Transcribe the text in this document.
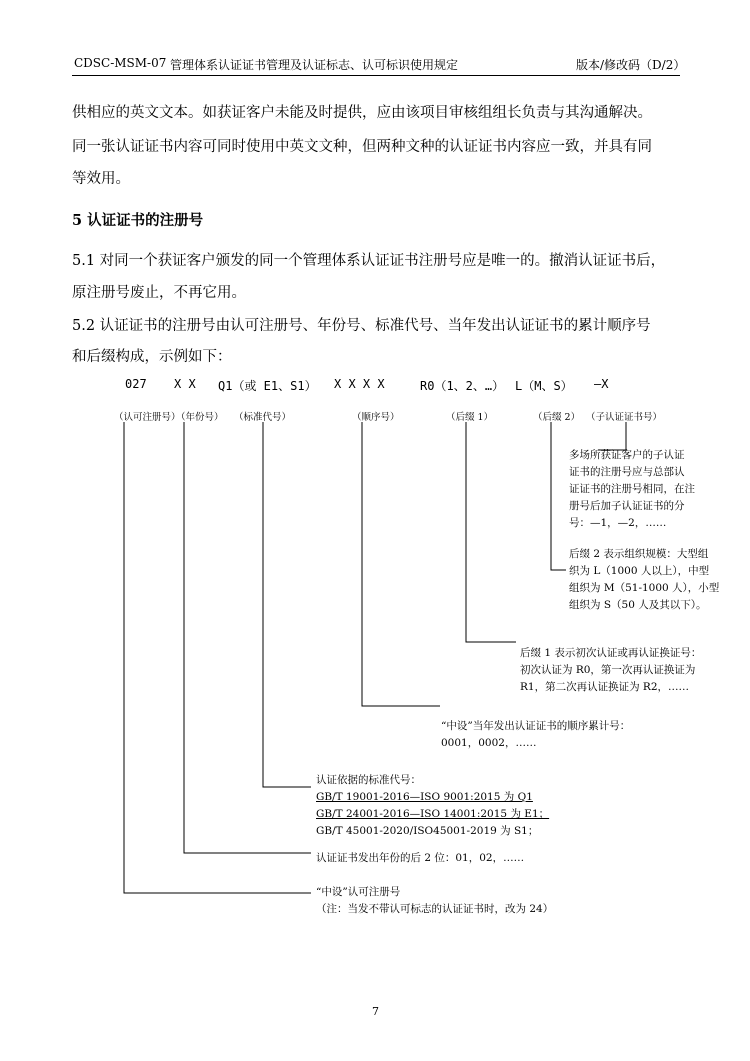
CDSC-MSM-07 管理体系认证证书管理及认证标志、认可标识使用规定	版本/修改码（D/2）
供相应的英文文本。如获证客户未能及时提供，应由该项目审核组组长负责与其沟通解决。
同一张认证证书内容可同时使用中英文文种，但两种文种的认证证书内容应一致，并具有同
等效用。
5 认证证书的注册号
5.1 对同一个获证客户颁发的同一个管理体系认证证书注册号应是唯一的。撤消认证证书后，
原注册号废止，不再它用。
5.2 认证证书的注册号由认可注册号、年份号、标准代号、当年发出认证证书的累计顺序号
和后缀构成，示例如下：
027 X X Q1（或 E1、S1） X X X X	R0（1、2、…） L（M、S） —X
（认可注册号）
（年份号） （标准代号）	（顺序号）	（后缀 1）	（后缀 2） （子认证证书号）
多场所获证客户的子认证
证书的注册号应与总部认
证证书的注册号相同，在注
册号后加子认证证书的分
号：—1，—2，……
后缀 2 表示组织规模：大型组
织为 L（1000 人以上），中型
组织为 M（51-1000 人），小型
组织为 S（50 人及其以下）。
后缀 1 表示初次认证或再认证换证号：
初次认证为 R0，第一次再认证换证为
R1，第二次再认证换证为 R2，……
“中设”当年发出认证证书的顺序累计号：
0001，0002，……
认证依据的标准代号：
GB/T 19001-2016—ISO 9001:2015 为 Q1
GB/T 24001-2016—ISO 14001:2015 为 E1；
GB/T 45001-2020/ISO45001-2019 为 S1；
认证证书发出年份的后 2 位：01，02，……
“中设”认可注册号
（注：当发不带认可标志的认证证书时，改为 24）
7
